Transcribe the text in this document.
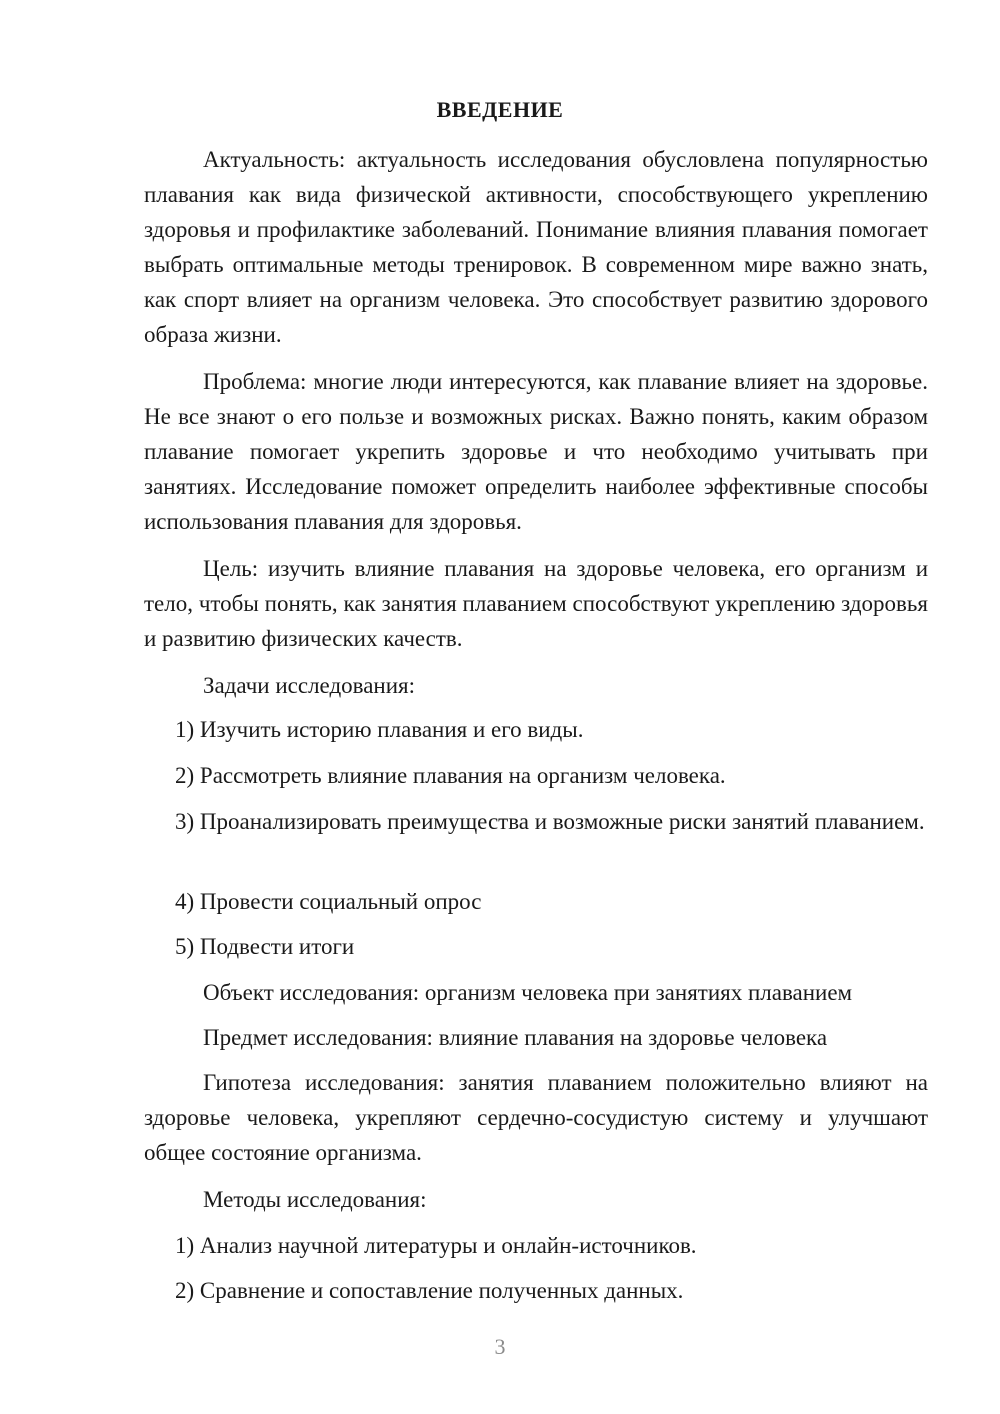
ВВЕДЕНИЕ

Актуальность: актуальность исследования обусловлена популярностью плавания как вида физической активности, способствующего укреплению здоровья и профилактике заболеваний. Понимание влияния плавания помогает выбрать оптимальные методы тренировок. В современном мире важно знать, как спорт влияет на организм человека. Это способствует развитию здорового образа жизни.

Проблема: многие люди интересуются, как плавание влияет на здоровье. Не все знают о его пользе и возможных рисках. Важно понять, каким образом плавание помогает укрепить здоровье и что необходимо учитывать при занятиях. Исследование поможет определить наиболее эффективные способы использования плавания для здоровья.

Цель: изучить влияние плавания на здоровье человека, его организм и тело, чтобы понять, как занятия плаванием способствуют укреплению здоровья и развитию физических качеств.

Задачи исследования:

1) Изучить историю плавания и его виды.

2) Рассмотреть влияние плавания на организм человека.

3) Проанализировать преимущества и возможные риски занятий плаванием.

4) Провести социальный опрос

5) Подвести итоги

Объект исследования: организм человека при занятиях плаванием

Предмет исследования: влияние плавания на здоровье человека

Гипотеза исследования: занятия плаванием положительно влияют на здоровье человека, укрепляют сердечно-сосудистую систему и улучшают общее состояние организма.

Методы исследования:

1) Анализ научной литературы и онлайн-источников.

2) Сравнение и сопоставление полученных данных.

3
